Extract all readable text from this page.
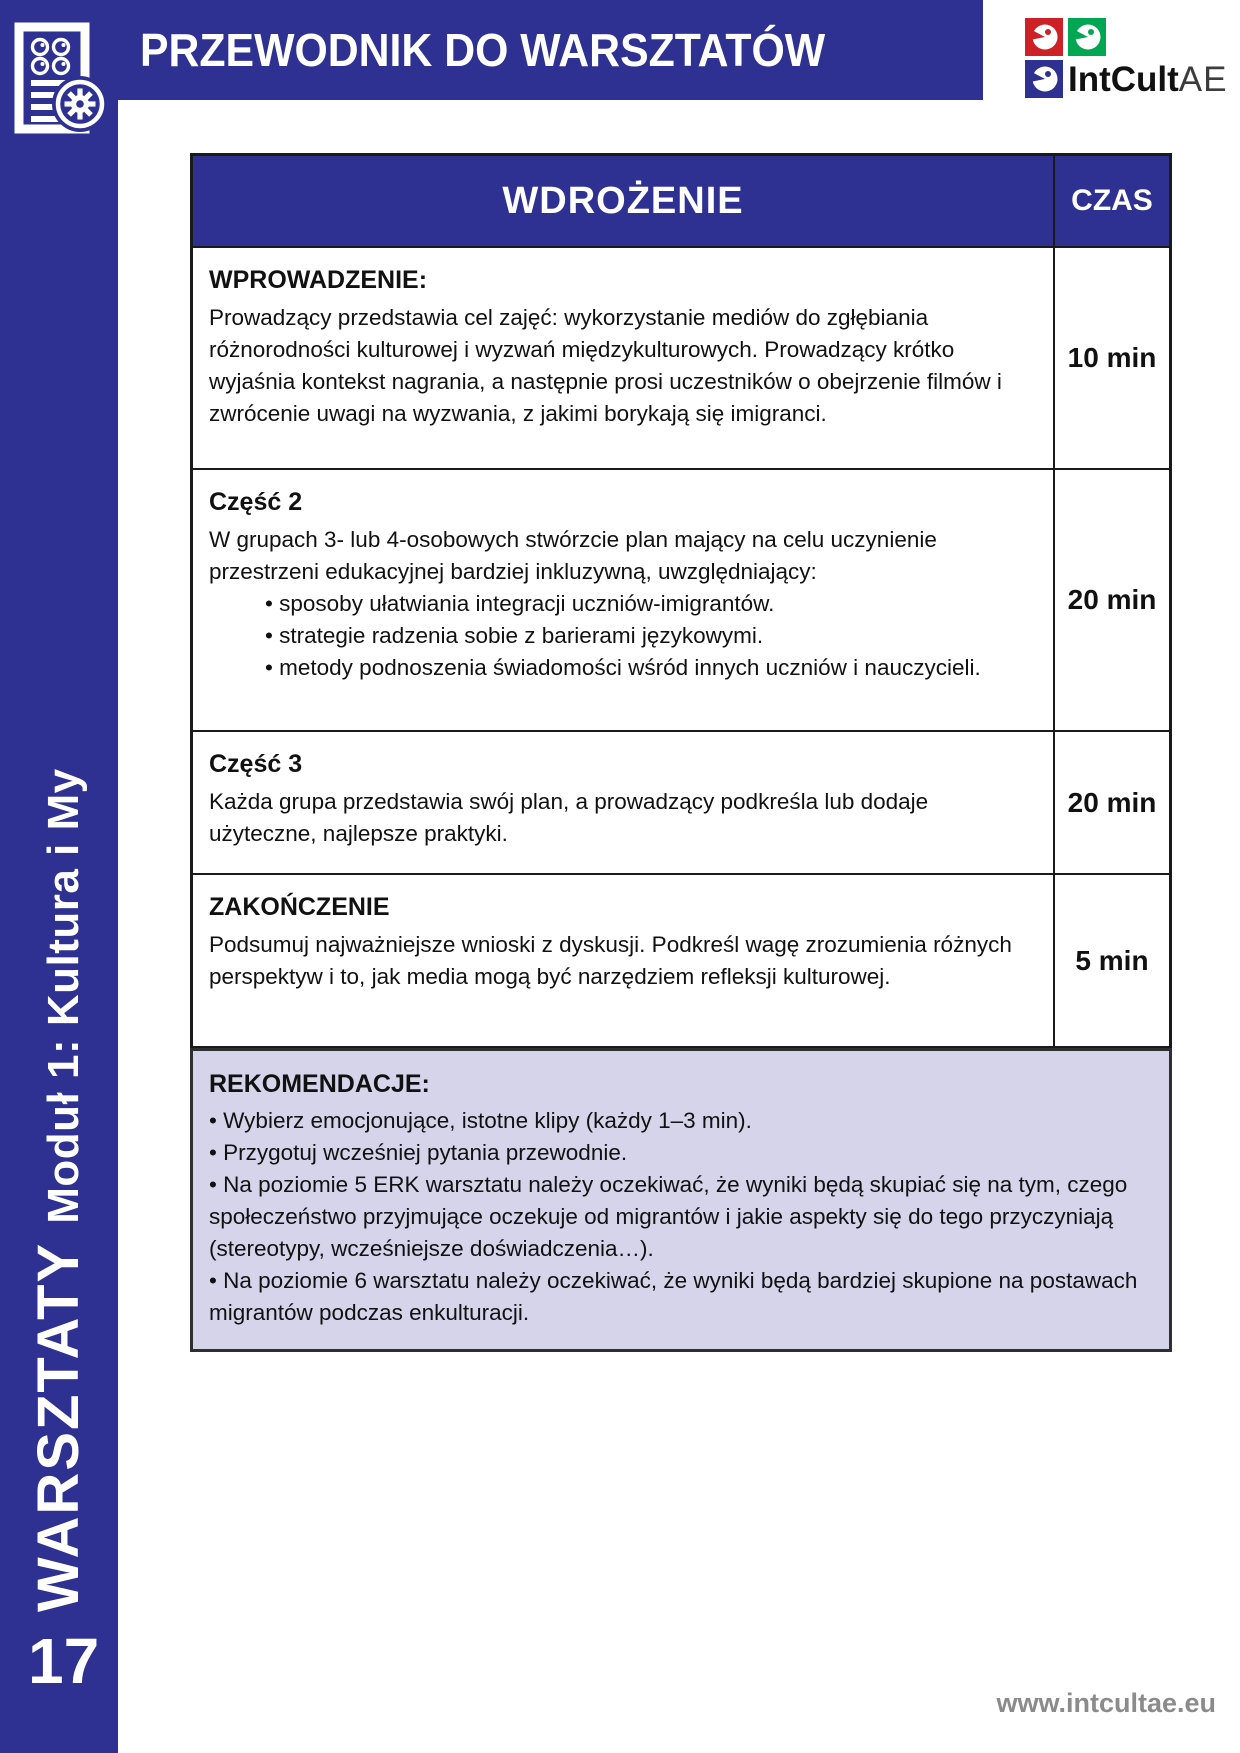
PRZEWODNIK DO WARSZTATÓW
IntCult AE
WDROŻENIE	CZAS
WPROWADZENIE:
Prowadzący przedstawia cel zajęć: wykorzystanie mediów do zgłębiania różnorodności kulturowej i wyzwań międzykulturowych. Prowadzący krótko wyjaśnia kontekst nagrania, a następnie prosi uczestników o obejrzenie filmów i zwrócenie uwagi na wyzwania, z jakimi borykają się imigranci.
10 min
Część 2
W grupach 3- lub 4-osobowych stwórzcie plan mający na celu uczynienie przestrzeni edukacyjnej bardziej inkluzywną, uwzględniający:
• sposoby ułatwiania integracji uczniów-imigrantów.
• strategie radzenia sobie z barierami językowymi.
• metody podnoszenia świadomości wśród innych uczniów i nauczycieli.
20 min
Część 3
Każda grupa przedstawia swój plan, a prowadzący podkreśla lub dodaje użyteczne, najlepsze praktyki.
20 min
ZAKOŃCZENIE
Podsumuj najważniejsze wnioski z dyskusji. Podkreśl wagę zrozumienia różnych perspektyw i to, jak media mogą być narzędziem refleksji kulturowej.
5 min
REKOMENDACJE:
• Wybierz emocjonujące, istotne klipy (każdy 1–3 min).
• Przygotuj wcześniej pytania przewodnie.
• Na poziomie 5 ERK warsztatu należy oczekiwać, że wyniki będą skupiać się na tym, czego społeczeństwo przyjmujące oczekuje od migrantów i jakie aspekty się do tego przyczyniają (stereotypy, wcześniejsze doświadczenia…).
• Na poziomie 6 warsztatu należy oczekiwać, że wyniki będą bardziej skupione na postawach migrantów podczas enkulturacji.
WARSZTATYModuł 1: Kultura i My
17
www.intcultae.eu
